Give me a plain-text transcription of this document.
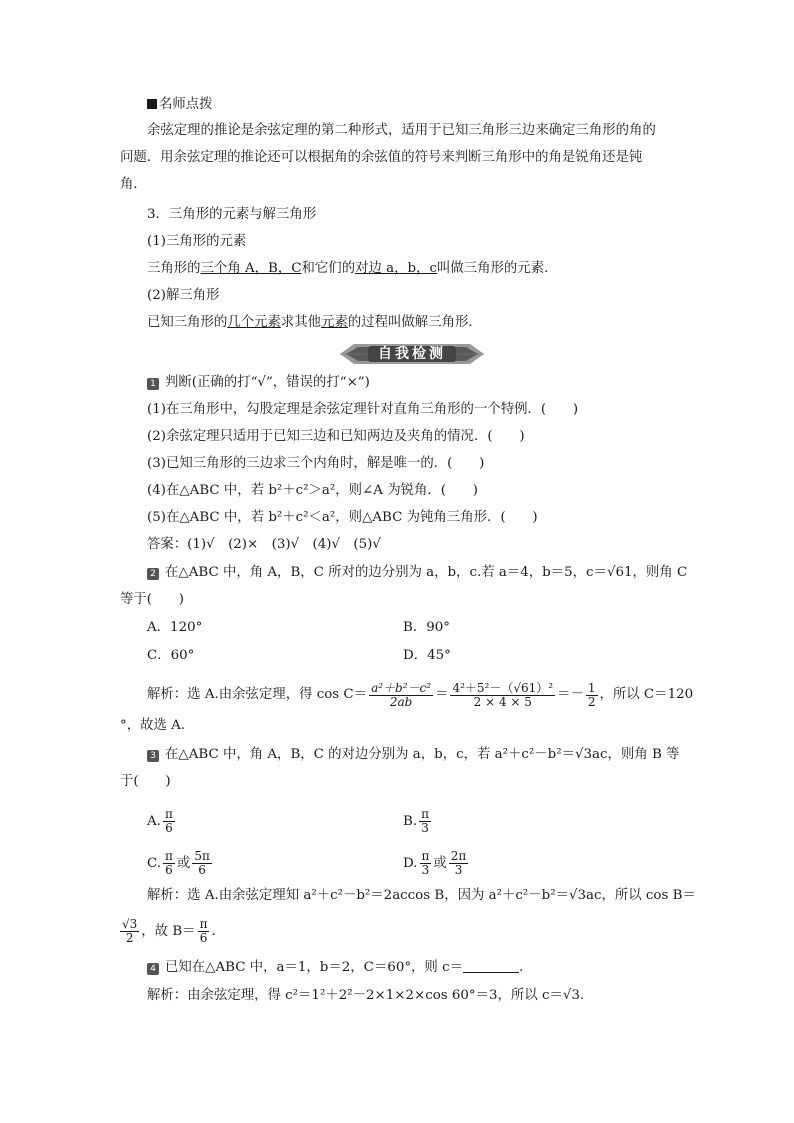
名师点拨
余弦定理的推论是余弦定理的第二种形式，适用于已知三角形三边来确定三角形的角的
问题．用余弦定理的推论还可以根据角的余弦值的符号来判断三角形中的角是锐角还是钝
角．
3．三角形的元素与解三角形
(1)三角形的元素
三角形的三个角 A，B，C和它们的对边 a，b，c叫做三角形的元素．
(2)解三角形
已知三角形的几个元素求其他元素的过程叫做解三角形．
自我检测
1 判断(正确的打“√”，错误的打“×”)
(1)在三角形中，勾股定理是余弦定理针对直角三角形的一个特例．(　　)
(2)余弦定理只适用于已知三边和已知两边及夹角的情况．(　　)
(3)已知三角形的三边求三个内角时，解是唯一的．(　　)
(4)在△ABC 中，若 b²＋c²＞a²，则∠A 为锐角．(　　)
(5)在△ABC 中，若 b²＋c²＜a²，则△ABC 为钝角三角形．(　　)
答案：(1)√　(2)×　(3)√　(4)√　(5)√
2 在△ABC 中，角 A，B，C 所对的边分别为 a，b，c.若 a＝4，b＝5，c＝√61，则角 C
等于(　　)
A．120°	B．90°
C．60°	D．45°
解析：选 A.由余弦定理，得 $\cos C= \frac{\text{a²＋b²－c²}}{2ab} = \frac{\text{4²＋5²－（√61）²}}{2 \times 4 \times 5} =- \frac{1}{2}$ ，所以 C＝120
°，故选 A.
3 在△ABC 中，角 A，B，C 的对边分别为 a，b，c，若 a²＋c²－b²＝√3ac，则角 B 等
于(　　)
A. $\frac{\pi}{6}$	B. $\frac{\pi}{3}$
C. $\frac{\pi}{6}$ 或 $\frac{5\pi}{6}$	D. $\frac{\pi}{3}$ 或 $\frac{2\pi}{3}$
解析：选 A.由余弦定理知 a²＋c²－b²＝2accos B，因为 a²＋c²－b²＝√3ac，所以 cos B＝
$\frac{√3}{2}$ ，故 $B= \frac{\pi}{6}$ .
4 已知在△ABC 中，a＝1，b＝2，C＝60°，则 c＝	.
解析：由余弦定理，得 c²＝1²＋2²－2×1×2×cos 60°＝3，所以 c＝√3.
